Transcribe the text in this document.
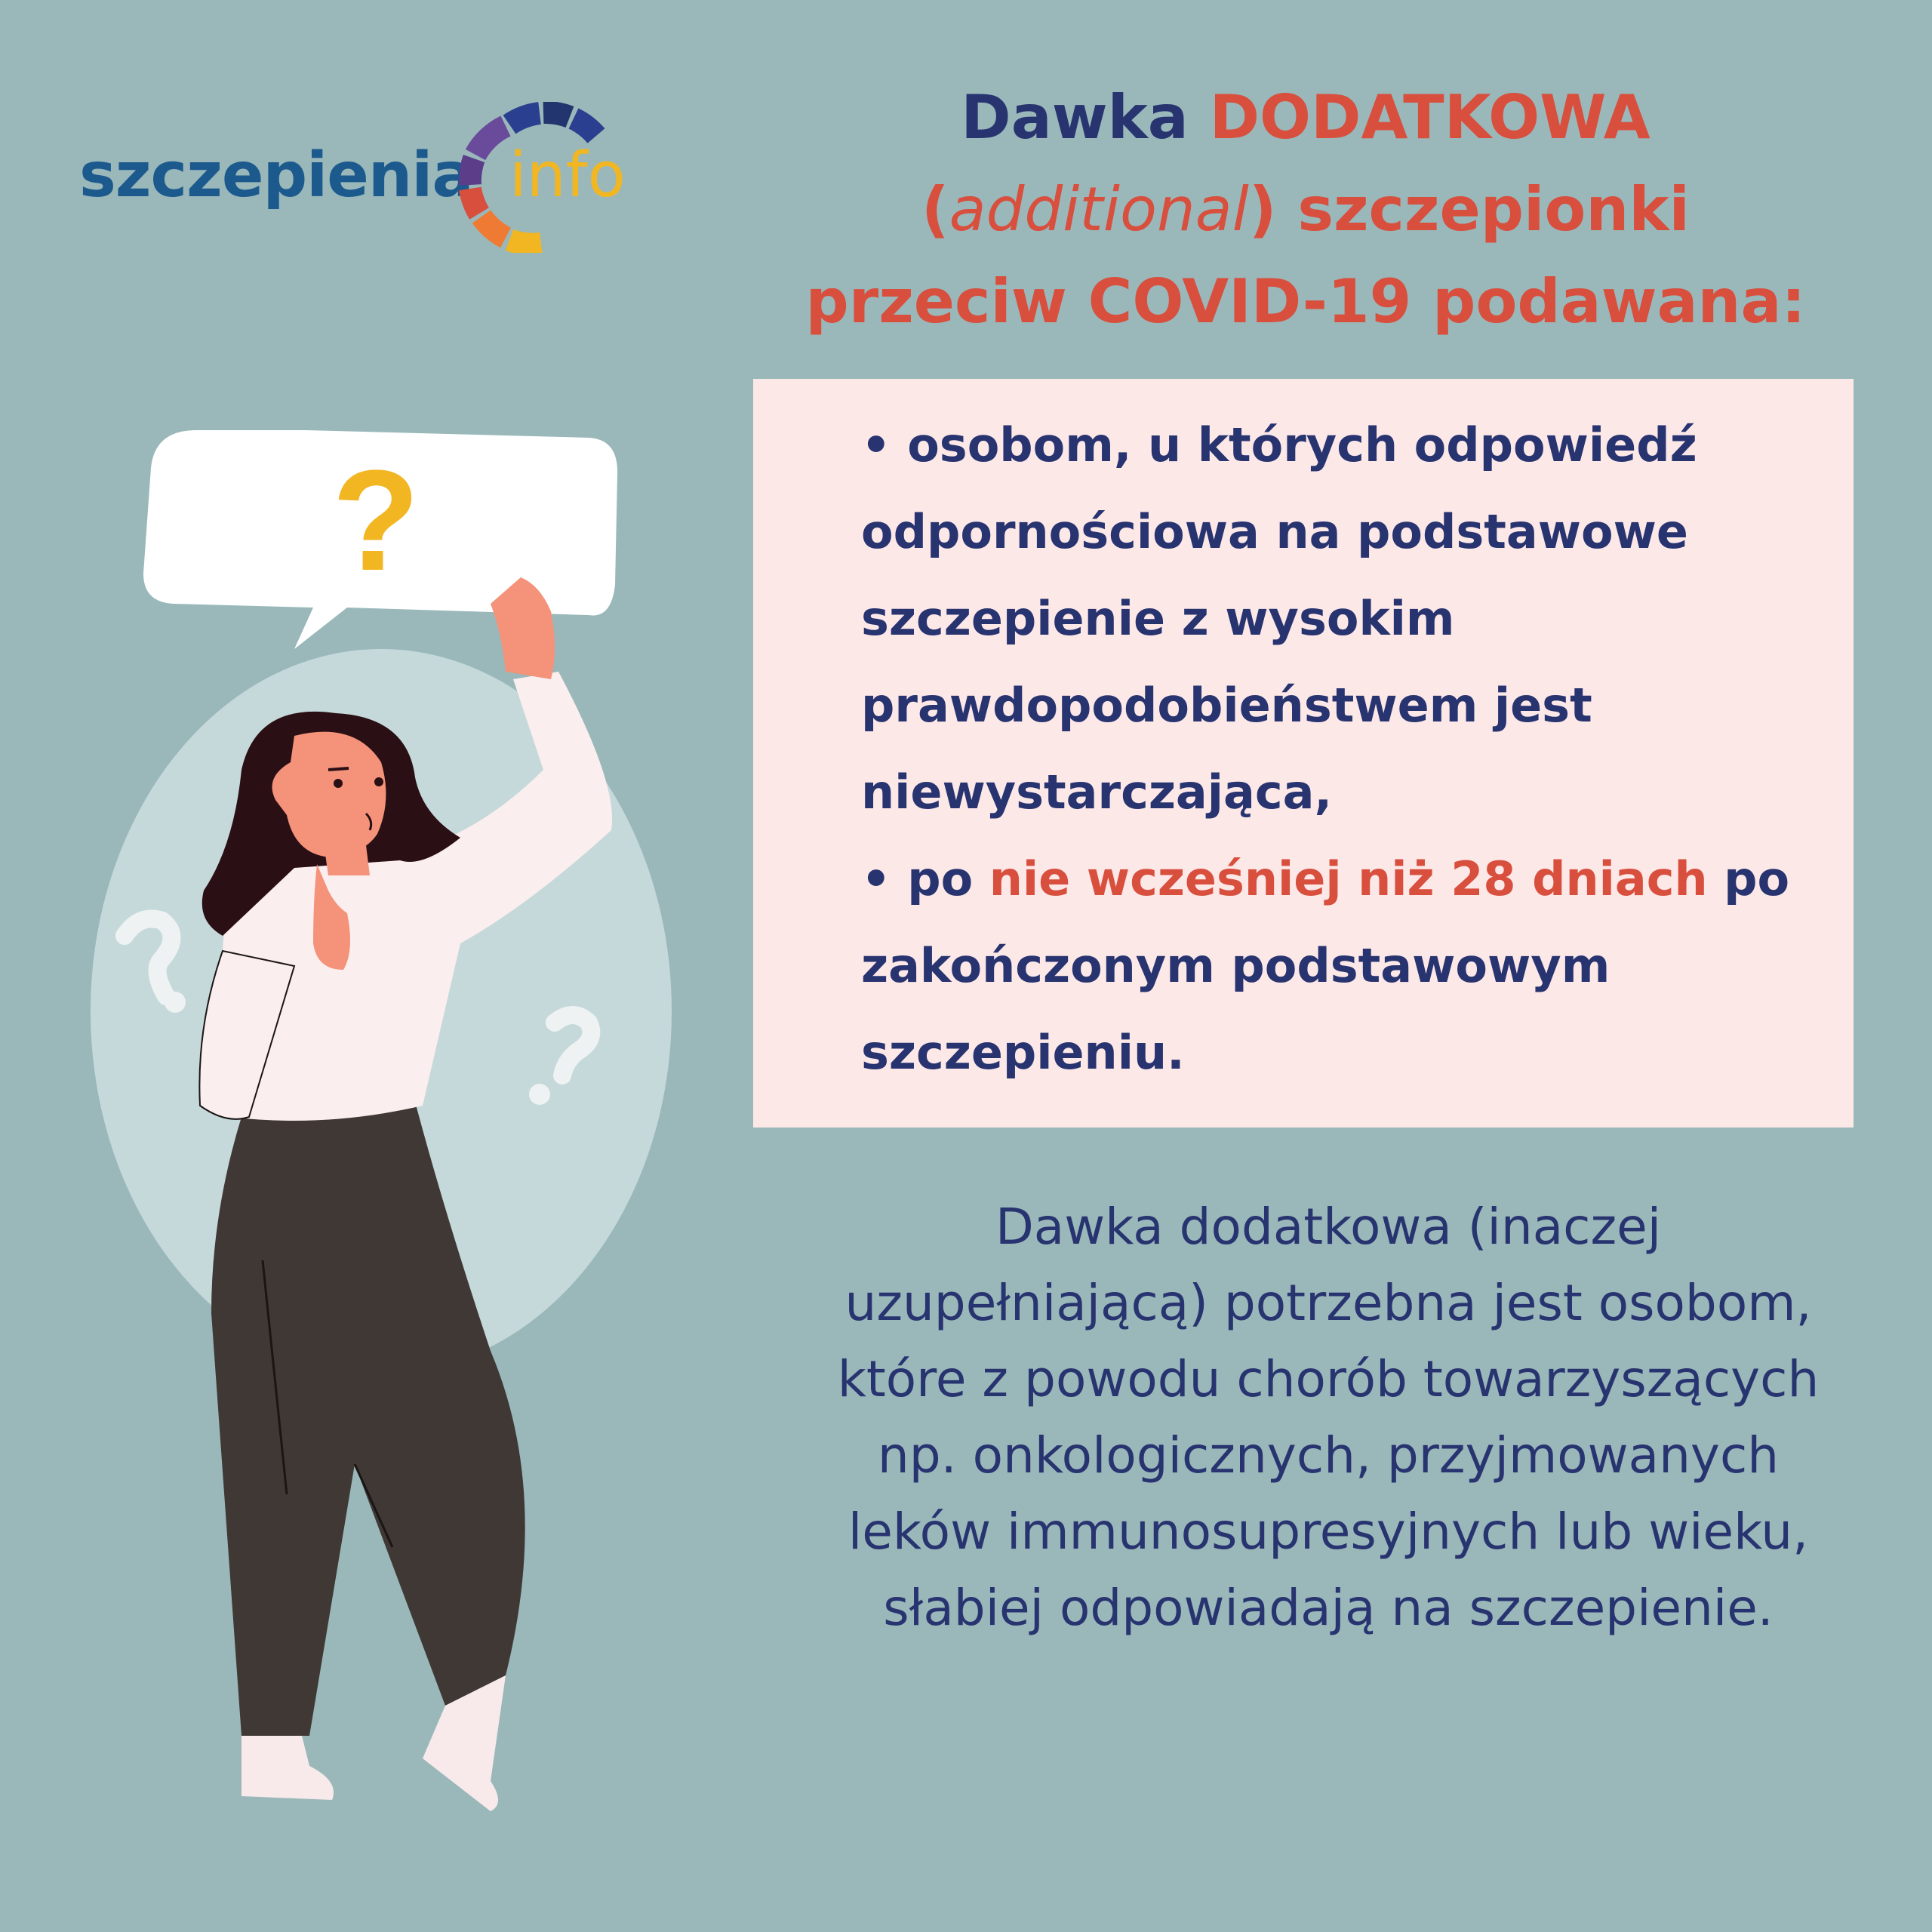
szczepienia info
Dawka DODATKOWA
(additional) szczepionki
przeciw COVID-19 podawana:
• osobom, u których odpowiedź odpornościowa na podstawowe szczepienie z wysokim prawdopodobieństwem jest niewystarczająca,
• po nie wcześniej niż 28 dniach po zakończonym podstawowym szczepieniu.
Dawka dodatkowa (inaczej uzupełniającą) potrzebna jest osobom, które z powodu chorób towarzyszących np. onkologicznych, przyjmowanych leków immunosupresyjnych lub wieku, słabiej odpowiadają na szczepienie.
?
